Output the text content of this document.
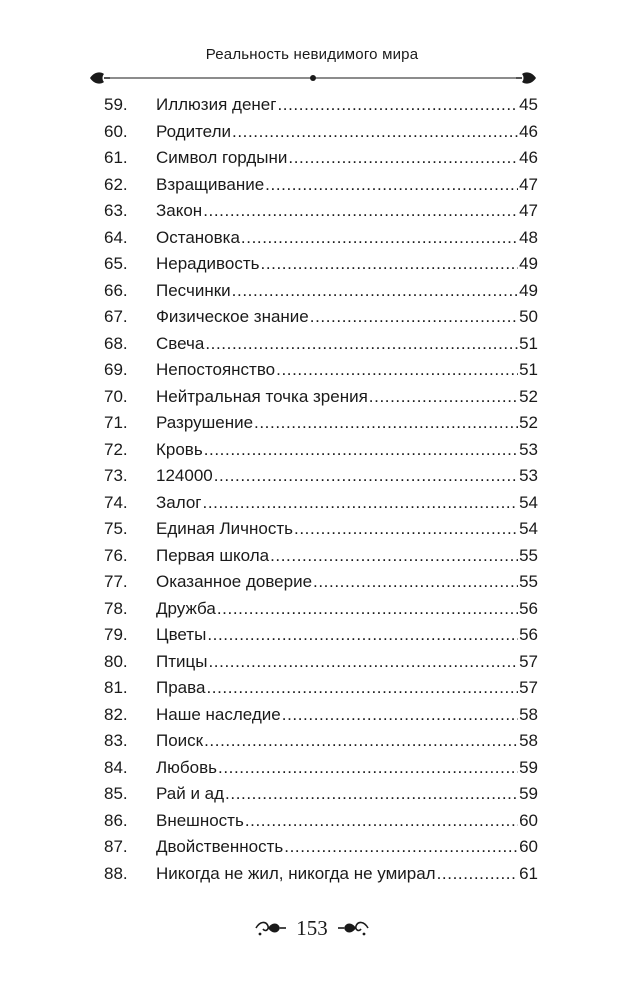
Реальность невидимого мира
59.	Иллюзия денег .....	45
60.	Родители .....	46
61.	Символ гордыни .....	46
62.	Взращивание .....	47
63.	Закон .....	47
64.	Остановка .....	48
65.	Нерадивость .....	49
66.	Песчинки .....	49
67.	Физическое знание .....	50
68.	Свеча .....	51
69.	Непостоянство .....	51
70.	Нейтральная точка зрения .....	52
71.	Разрушение .....	52
72.	Кровь .....	53
73.	124000 .....	53
74.	Залог .....	54
75.	Единая Личность .....	54
76.	Первая школа .....	55
77.	Оказанное доверие .....	55
78.	Дружба .....	56
79.	Цветы .....	56
80.	Птицы .....	57
81.	Права .....	57
82.	Наше наследие .....	58
83.	Поиск .....	58
84.	Любовь .....	59
85.	Рай и ад .....	59
86.	Внешность .....	60
87.	Двойственность .....	60
88.	Никогда не жил, никогда не умирал .....	61
153
